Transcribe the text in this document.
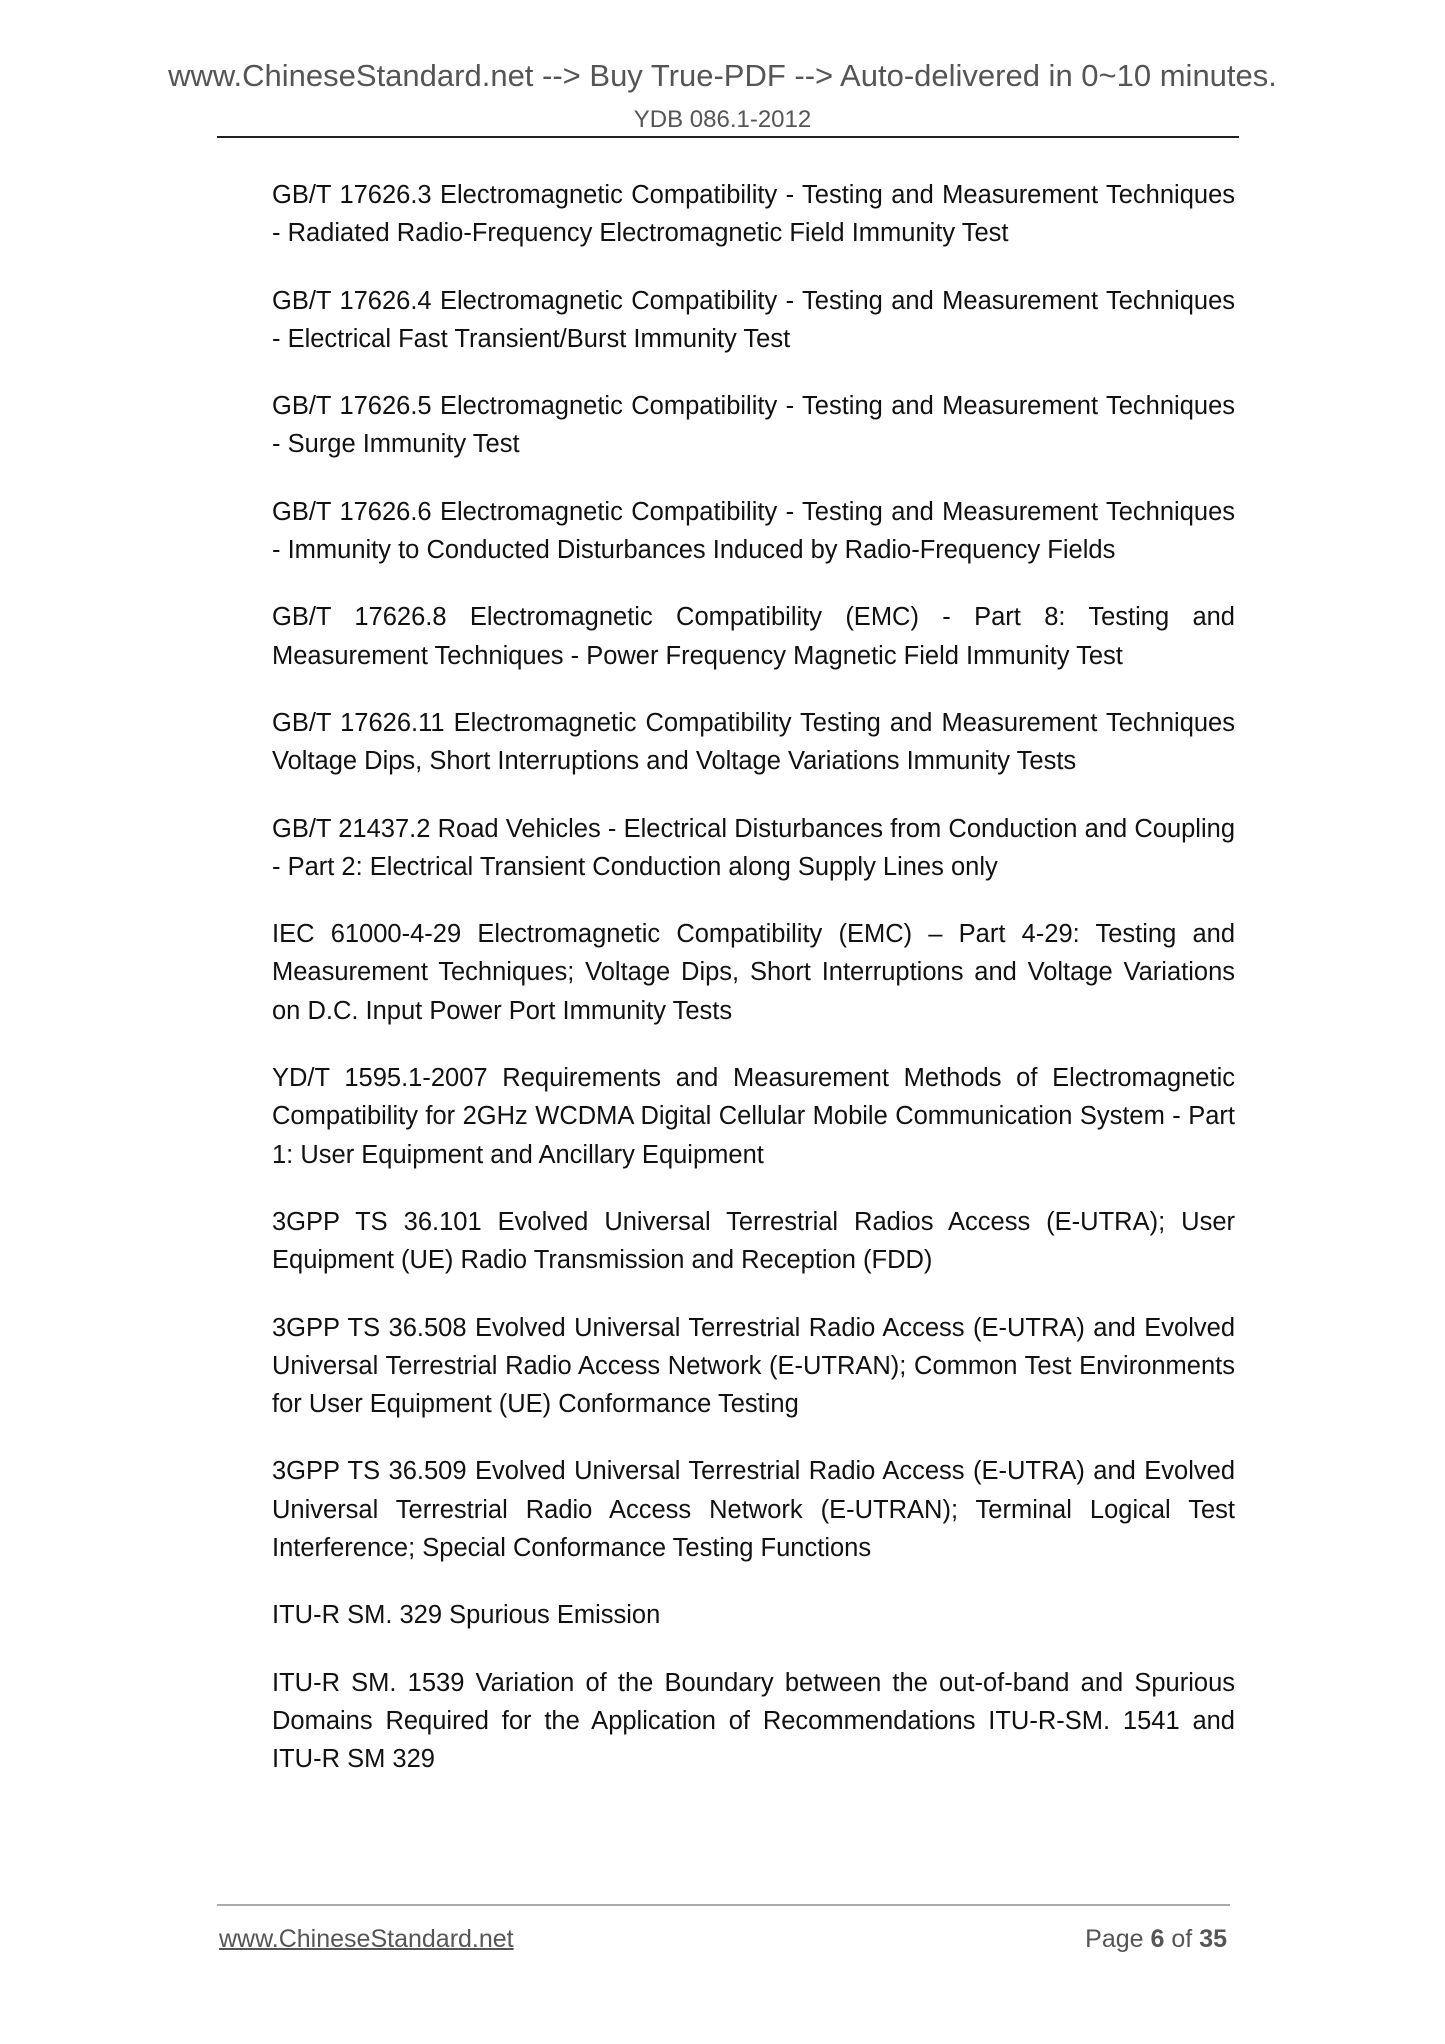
www.ChineseStandard.net --> Buy True-PDF --> Auto-delivered in 0~10 minutes.
YDB 086.1-2012

GB/T 17626.3 Electromagnetic Compatibility - Testing and Measurement Techniques - Radiated Radio-Frequency Electromagnetic Field Immunity Test

GB/T 17626.4 Electromagnetic Compatibility - Testing and Measurement Techniques - Electrical Fast Transient/Burst Immunity Test

GB/T 17626.5 Electromagnetic Compatibility - Testing and Measurement Techniques - Surge Immunity Test

GB/T 17626.6 Electromagnetic Compatibility - Testing and Measurement Techniques - Immunity to Conducted Disturbances Induced by Radio-Frequency Fields

GB/T 17626.8 Electromagnetic Compatibility (EMC) - Part 8: Testing and Measurement Techniques - Power Frequency Magnetic Field Immunity Test

GB/T 17626.11 Electromagnetic Compatibility Testing and Measurement Techniques Voltage Dips, Short Interruptions and Voltage Variations Immunity Tests

GB/T 21437.2 Road Vehicles - Electrical Disturbances from Conduction and Coupling - Part 2: Electrical Transient Conduction along Supply Lines only

IEC 61000-4-29 Electromagnetic Compatibility (EMC) – Part 4-29: Testing and Measurement Techniques; Voltage Dips, Short Interruptions and Voltage Variations on D.C. Input Power Port Immunity Tests

YD/T 1595.1-2007 Requirements and Measurement Methods of Electromagnetic Compatibility for 2GHz WCDMA Digital Cellular Mobile Communication System - Part 1: User Equipment and Ancillary Equipment

3GPP TS 36.101 Evolved Universal Terrestrial Radios Access (E-UTRA); User Equipment (UE) Radio Transmission and Reception (FDD)

3GPP TS 36.508 Evolved Universal Terrestrial Radio Access (E-UTRA) and Evolved Universal Terrestrial Radio Access Network (E-UTRAN); Common Test Environments for User Equipment (UE) Conformance Testing

3GPP TS 36.509 Evolved Universal Terrestrial Radio Access (E-UTRA) and Evolved Universal Terrestrial Radio Access Network (E-UTRAN); Terminal Logical Test Interference; Special Conformance Testing Functions

ITU-R SM. 329 Spurious Emission

ITU-R SM. 1539 Variation of the Boundary between the out-of-band and Spurious Domains Required for the Application of Recommendations ITU-R-SM. 1541 and ITU-R SM 329

www.ChineseStandard.net	Page 6 of 35
